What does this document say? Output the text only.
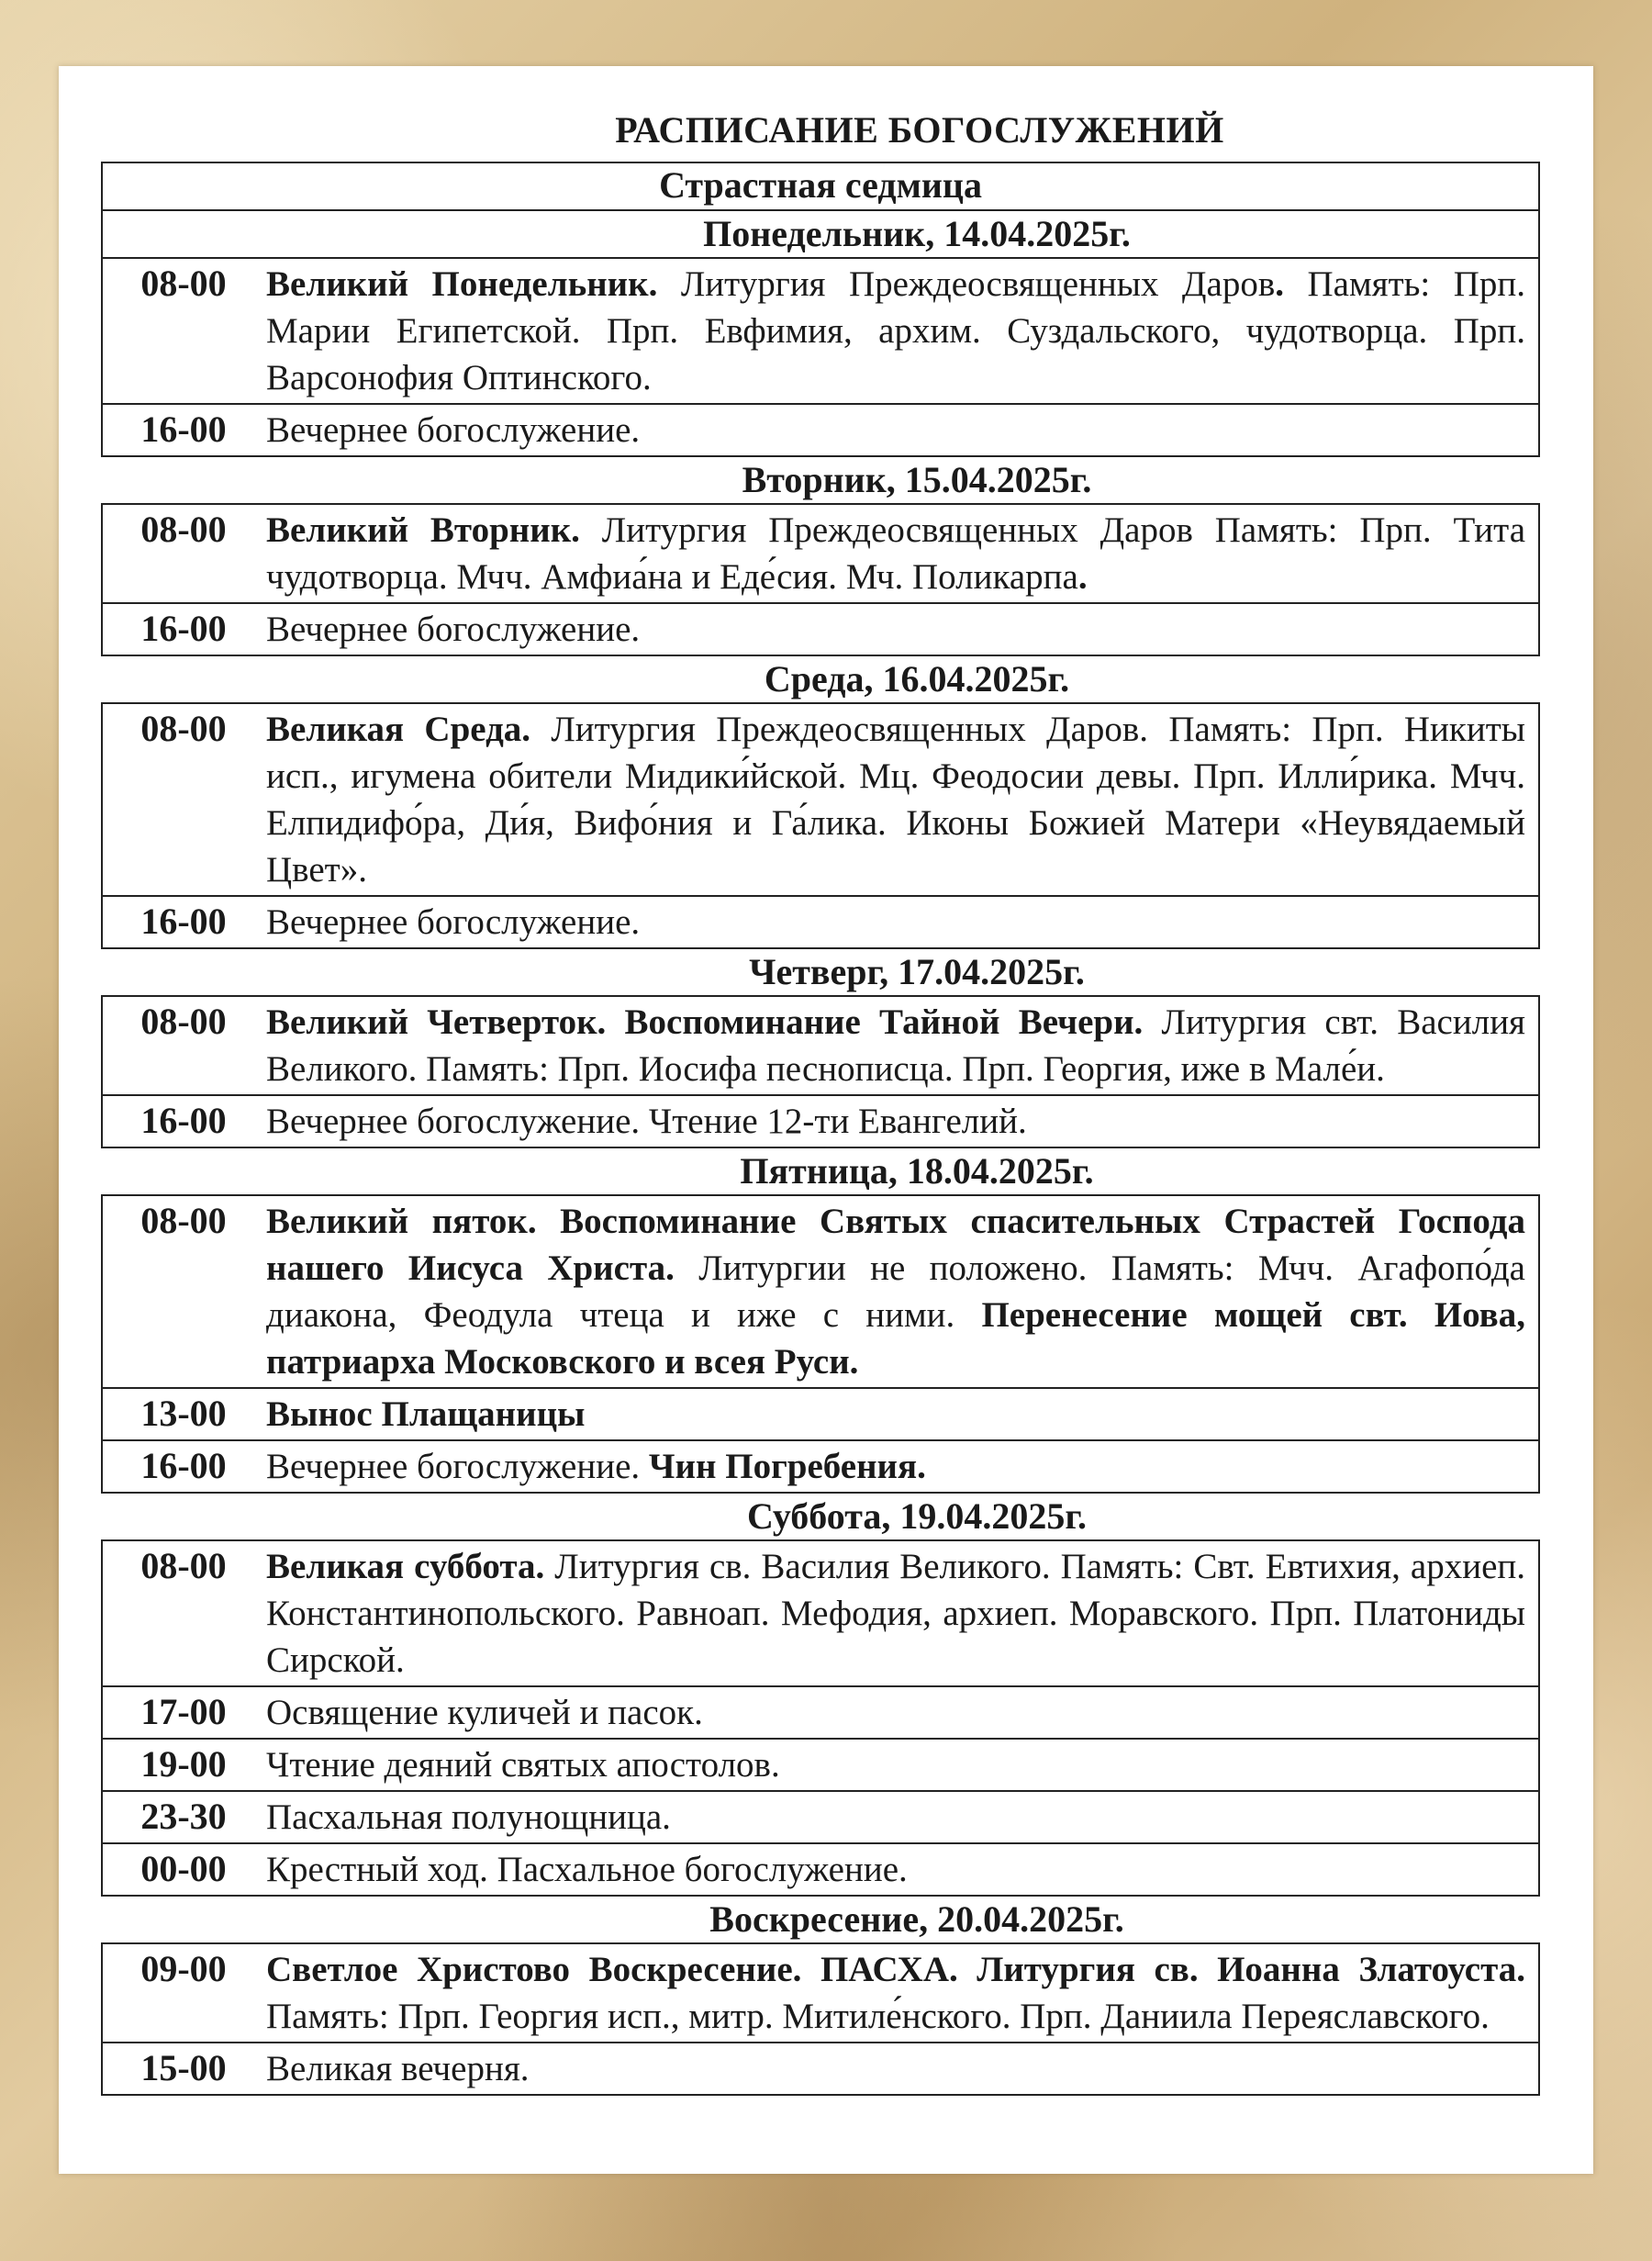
РАСПИСАНИЕ БОГОСЛУЖЕНИЙ
Страстная седмица
Понедельник, 14.04.2025г.
08-00	Великий Понедельник. Литургия Преждеосвященных Даров. Память: Прп. Марии Египетской. Прп. Евфимия, архим. Суздальского, чудотворца. Прп. Варсонофия Оптинского.
16-00	Вечернее богослужение.
Вторник, 15.04.2025г.
08-00	Великий Вторник. Литургия Преждеосвященных Даров Память: Прп. Тита чудотворца. Мчч. Амфиа́на и Еде́сия. Мч. Поликарпа.
16-00	Вечернее богослужение.
Среда, 16.04.2025г.
08-00	Великая Среда. Литургия Преждеосвященных Даров. Память: Прп. Никиты исп., игумена обители Мидики́йской. Мц. Феодосии девы. Прп. Илли́рика. Мчч. Елпидифо́ра, Ди́я, Вифо́ния и Га́лика. Иконы Божией Матери «Неувядаемый Цвет».
16-00	Вечернее богослужение.
Четверг, 17.04.2025г.
08-00	Великий Четверток. Воспоминание Тайной Вечери. Литургия свт. Василия Великого. Память: Прп. Иосифа песнописца. Прп. Георгия, иже в Мале́и.
16-00	Вечернее богослужение. Чтение 12-ти Евангелий.
Пятница, 18.04.2025г.
08-00	Великий пяток. Воспоминание Святых спасительных Страстей Господа нашего Иисуса Христа. Литургии не положено. Память: Мчч. Агафопо́да диакона, Феодула чтеца и иже с ними. Перенесение мощей свт. Иова, патриарха Московского и всея Руси.
13-00	Вынос Плащаницы
16-00	Вечернее богослужение. Чин Погребения.
Суббота, 19.04.2025г.
08-00	Великая суббота. Литургия св. Василия Великого. Память: Свт. Евтихия, архиеп. Константинопольского. Равноап. Мефодия, архиеп. Моравского. Прп. Платониды Сирской.
17-00	Освящение куличей и пасок.
19-00	Чтение деяний святых апостолов.
23-30	Пасхальная полунощница.
00-00	Крестный ход. Пасхальное богослужение.
Воскресение, 20.04.2025г.
09-00	Светлое Христово Воскресение. ПАСХА. Литургия св. Иоанна Златоуста. Память: Прп. Георгия исп., митр. Митиле́нского. Прп. Даниила Переяславского.
15-00	Великая вечерня.
